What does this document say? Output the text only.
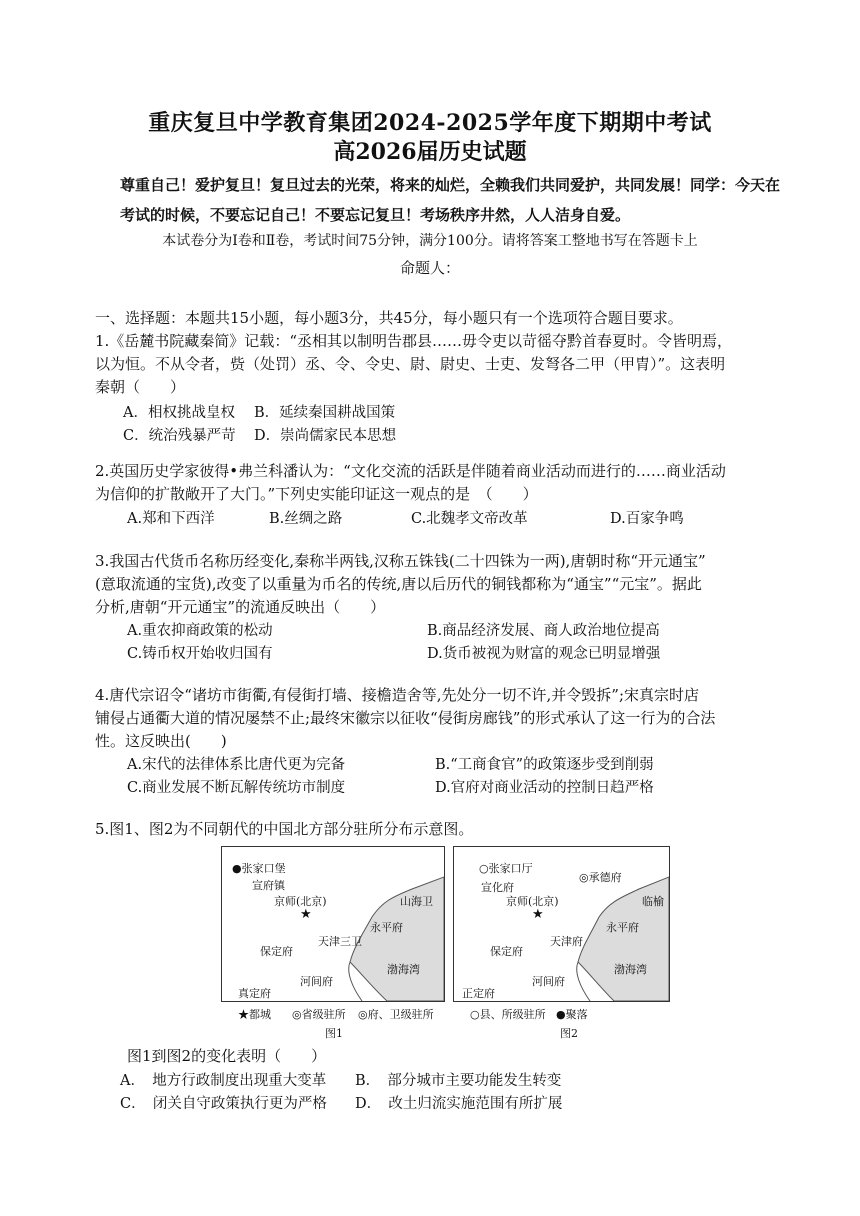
重庆复旦中学教育集团2024-2025学年度下期期中考试
高2026届历史试题
尊重自己！爱护复旦！复旦过去的光荣，将来的灿烂，全赖我们共同爱护，共同发展！同学：今天在考试的时候，不要忘记自己！不要忘记复旦！考场秩序井然，人人洁身自爱。
本试卷分为Ⅰ卷和Ⅱ卷，考试时间75分钟，满分100分。请将答案工整地书写在答题卡上
命题人：
一、选择题：本题共15小题，每小题3分，共45分，每小题只有一个选项符合题目要求。
1.《岳麓书院藏秦简》记载：“丞相其以制明告郡县……毋令吏以苛徭夺黔首春夏时。令皆明焉，
以为恒。不从令者，赀（处罚）丞、令、令史、尉、尉史、士吏、发弩各二甲（甲胄）”。这表明
秦朝（　　）
A．相权挑战皇权 B．延续秦国耕战国策
C．统治残暴严苛 D．崇尚儒家民本思想
2.英国历史学家彼得•弗兰科潘认为：“文化交流的活跃是伴随着商业活动而进行的……商业活动
为信仰的扩散敞开了大门。”下列史实能印证这一观点的是　（　　）
A.郑和下西洋	B.丝绸之路	C.北魏孝文帝改革	D.百家争鸣
3.我国古代货币名称历经变化,秦称半两钱,汉称五铢钱(二十四铢为一两),唐朝时称“开元通宝”
(意取流通的宝货),改变了以重量为币名的传统,唐以后历代的铜钱都称为“通宝”“元宝”。据此
分析,唐朝“开元通宝”的流通反映出（　　）
A.重农抑商政策的松动	B.商品经济发展、商人政治地位提高
C.铸币权开始收归国有	D.货币被视为财富的观念已明显增强
4.唐代宗诏令“诸坊市街衢,有侵街打墙、接檐造舍等,先处分一切不许,并令毁拆”;宋真宗时店
铺侵占通衢大道的情况屡禁不止;最终宋徽宗以征收“侵街房廊钱”的形式承认了这一行为的合法
性。这反映出(　　)
A.宋代的法律体系比唐代更为完备	B.“工商食官”的政策逐步受到削弱
C.商业发展不断瓦解传统坊市制度	D.官府对商业活动的控制日趋严格
5.图1、图2为不同朝代的中国北方部分驻所分布示意图。
●张家口堡
宣府镇
京师(北京)
★
山海卫
永平府
天津三卫
保定府
河间府
真定府
渤海湾
★都城 ◎省级驻所 ◎府、卫级驻所
图1
○张家口厅
宣化府
◎承德府
京师(北京)
★
临榆
永平府
天津府
保定府
河间府
正定府
渤海湾
○县、所级驻所 ●聚落
图2
图1到图2的变化表明（　　）
A．　地方行政制度出现重大变革 B．　部分城市主要功能发生转变
C．　闭关自守政策执行更为严格 D．　改土归流实施范围有所扩展
